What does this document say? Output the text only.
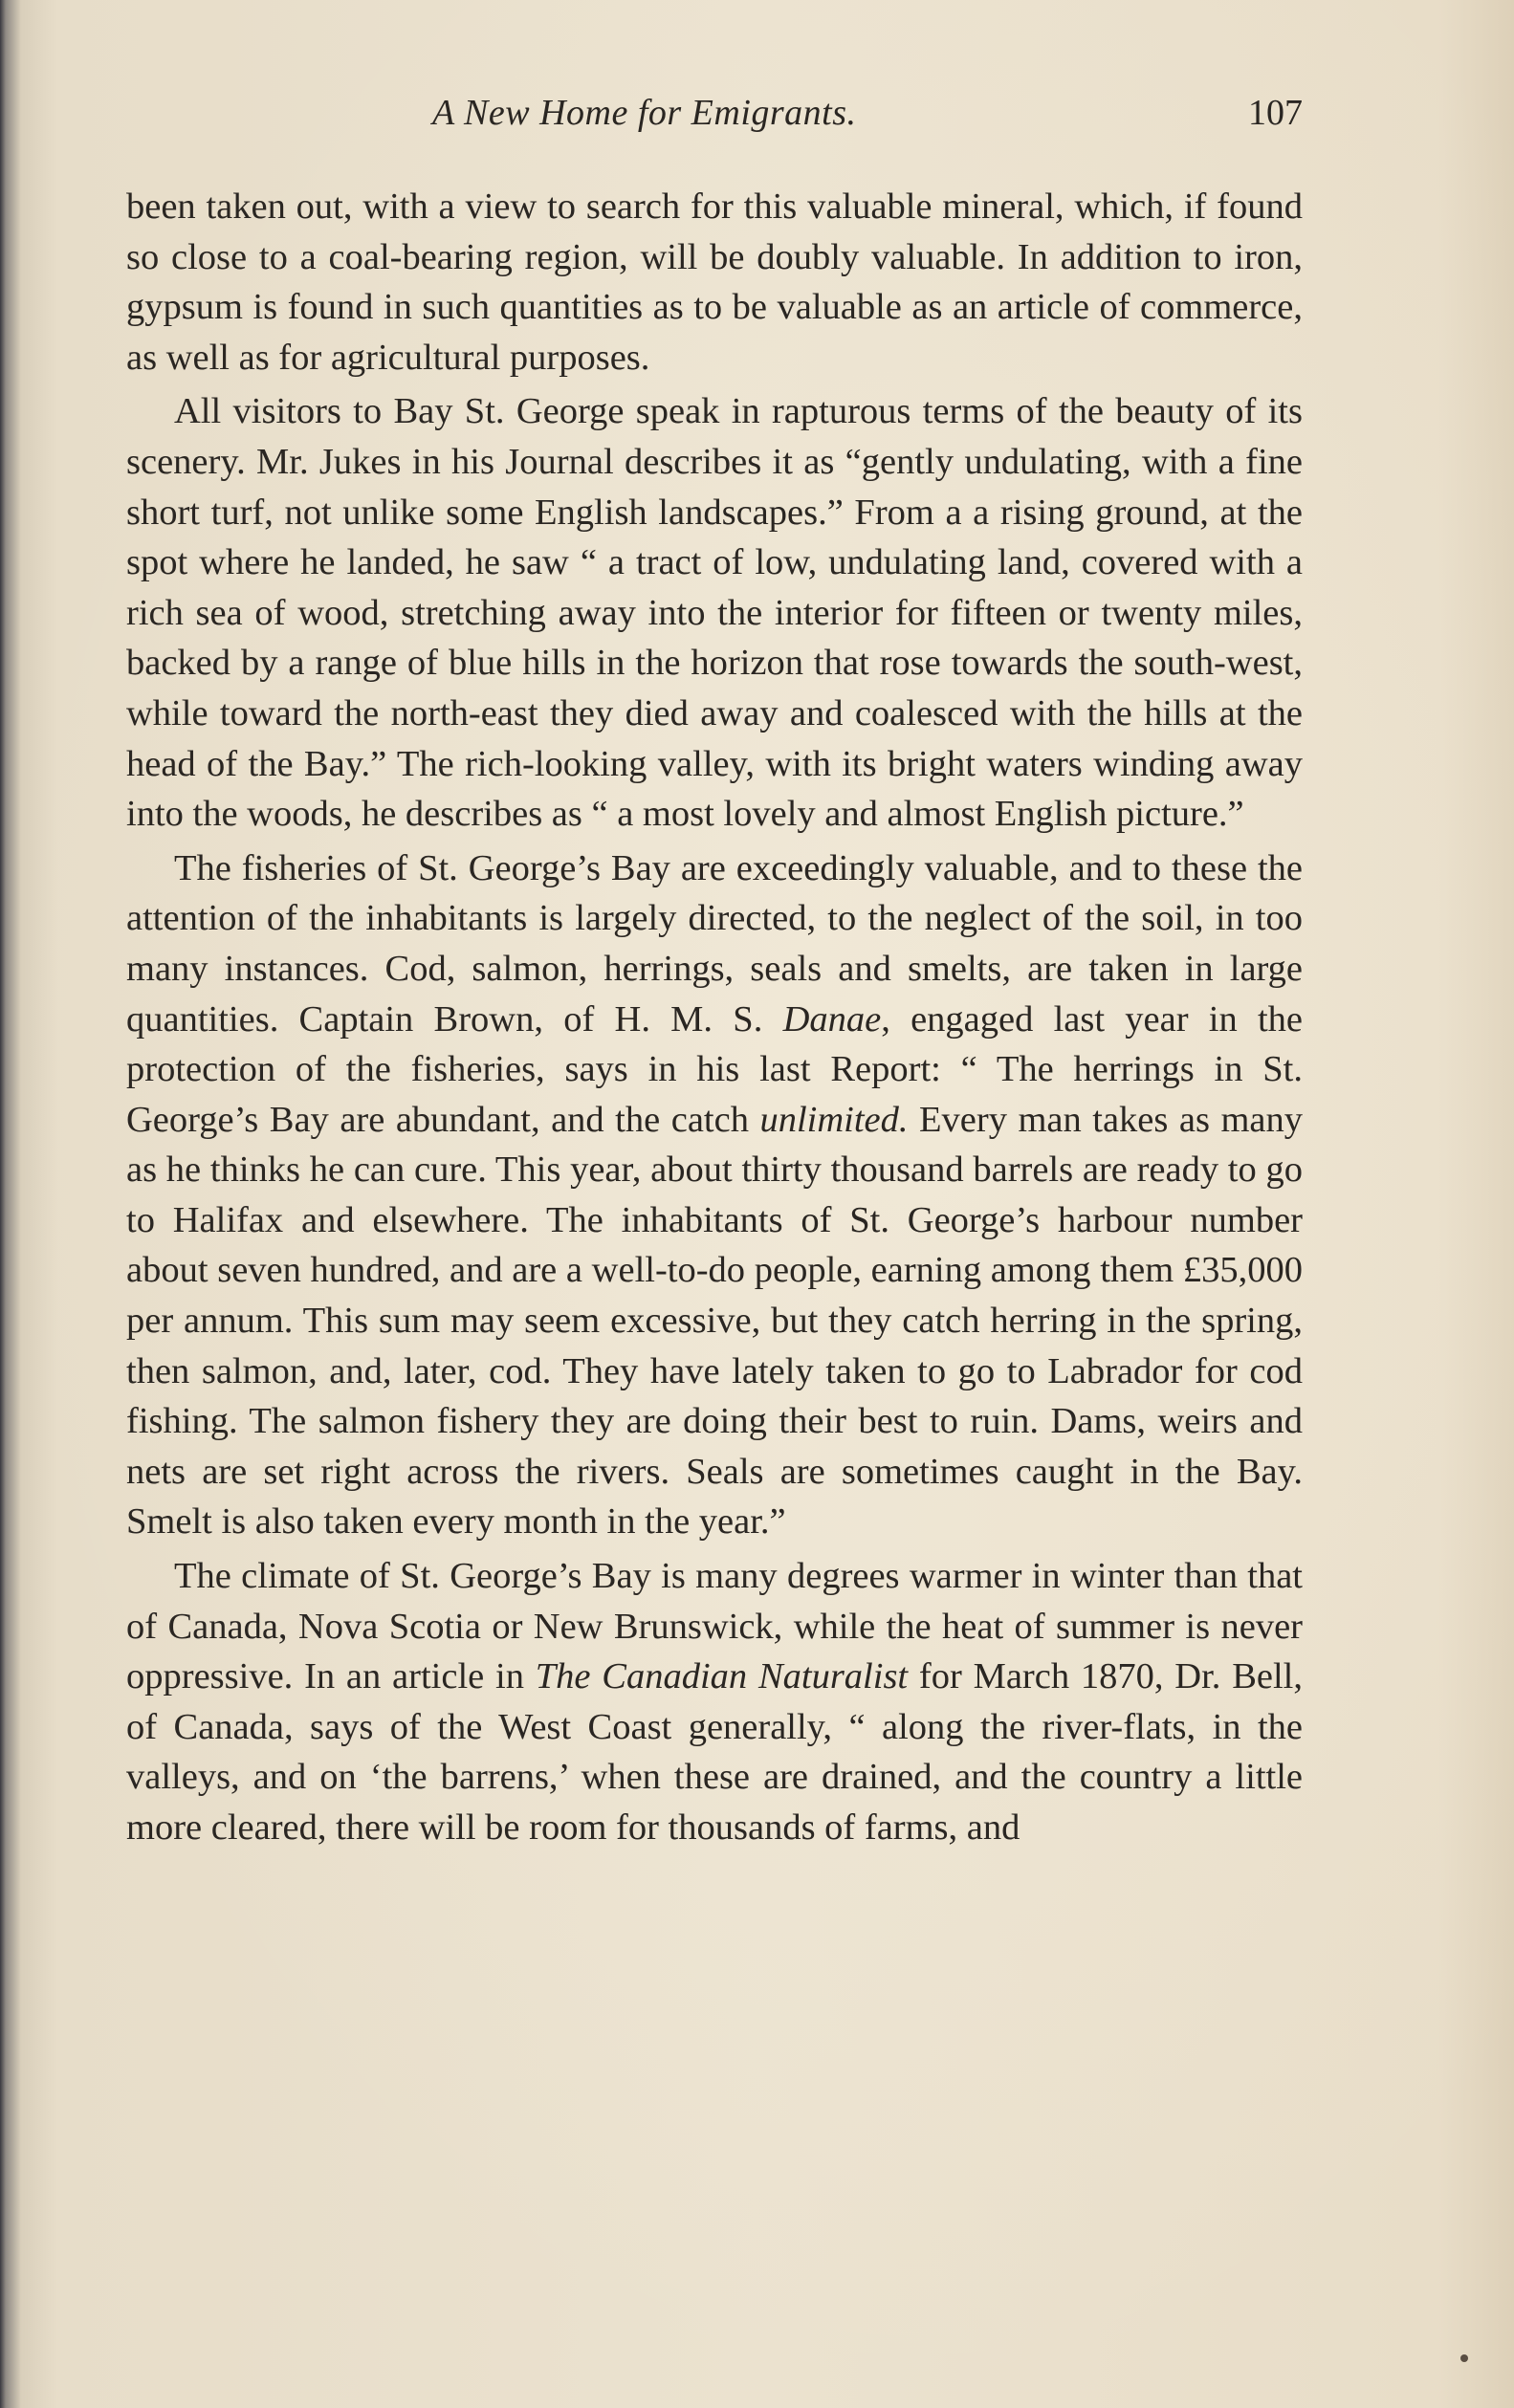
A New Home for Emigrants.	107

been taken out, with a view to search for this valuable mineral, which, if found so close to a coal-bearing region, will be doubly valuable. In addition to iron, gypsum is found in such quantities as to be valuable as an article of commerce, as well as for agricultural purposes.

All visitors to Bay St. George speak in rapturous terms of the beauty of its scenery. Mr. Jukes in his Journal describes it as “gently undulating, with a fine short turf, not unlike some English landscapes.” From a a rising ground, at the spot where he landed, he saw “ a tract of low, undulating land, covered with a rich sea of wood, stretching away into the interior for fifteen or twenty miles, backed by a range of blue hills in the horizon that rose towards the south-west, while toward the north-east they died away and coalesced with the hills at the head of the Bay.” The rich-looking valley, with its bright waters winding away into the woods, he describes as “ a most lovely and almost English picture.”

The fisheries of St. George’s Bay are exceedingly valuable, and to these the attention of the inhabitants is largely directed, to the neglect of the soil, in too many instances. Cod, salmon, herrings, seals and smelts, are taken in large quantities. Captain Brown, of H. M. S. Danae, engaged last year in the protection of the fisheries, says in his last Report: “ The herrings in St. George’s Bay are abundant, and the catch unlimited. Every man takes as many as he thinks he can cure. This year, about thirty thousand barrels are ready to go to Halifax and elsewhere. The inhabitants of St. George’s harbour number about seven hundred, and are a well-to-do people, earning among them £35,000 per annum. This sum may seem excessive, but they catch herring in the spring, then salmon, and, later, cod. They have lately taken to go to Labrador for cod fishing. The salmon fishery they are doing their best to ruin. Dams, weirs and nets are set right across the rivers. Seals are sometimes caught in the Bay. Smelt is also taken every month in the year.”

The climate of St. George’s Bay is many degrees warmer in winter than that of Canada, Nova Scotia or New Brunswick, while the heat of summer is never oppressive. In an article in The Canadian Naturalist for March 1870, Dr. Bell, of Canada, says of the West Coast generally, “ along the river-flats, in the valleys, and on ‘the barrens,’ when these are drained, and the country a little more cleared, there will be room for thousands of farms, and
